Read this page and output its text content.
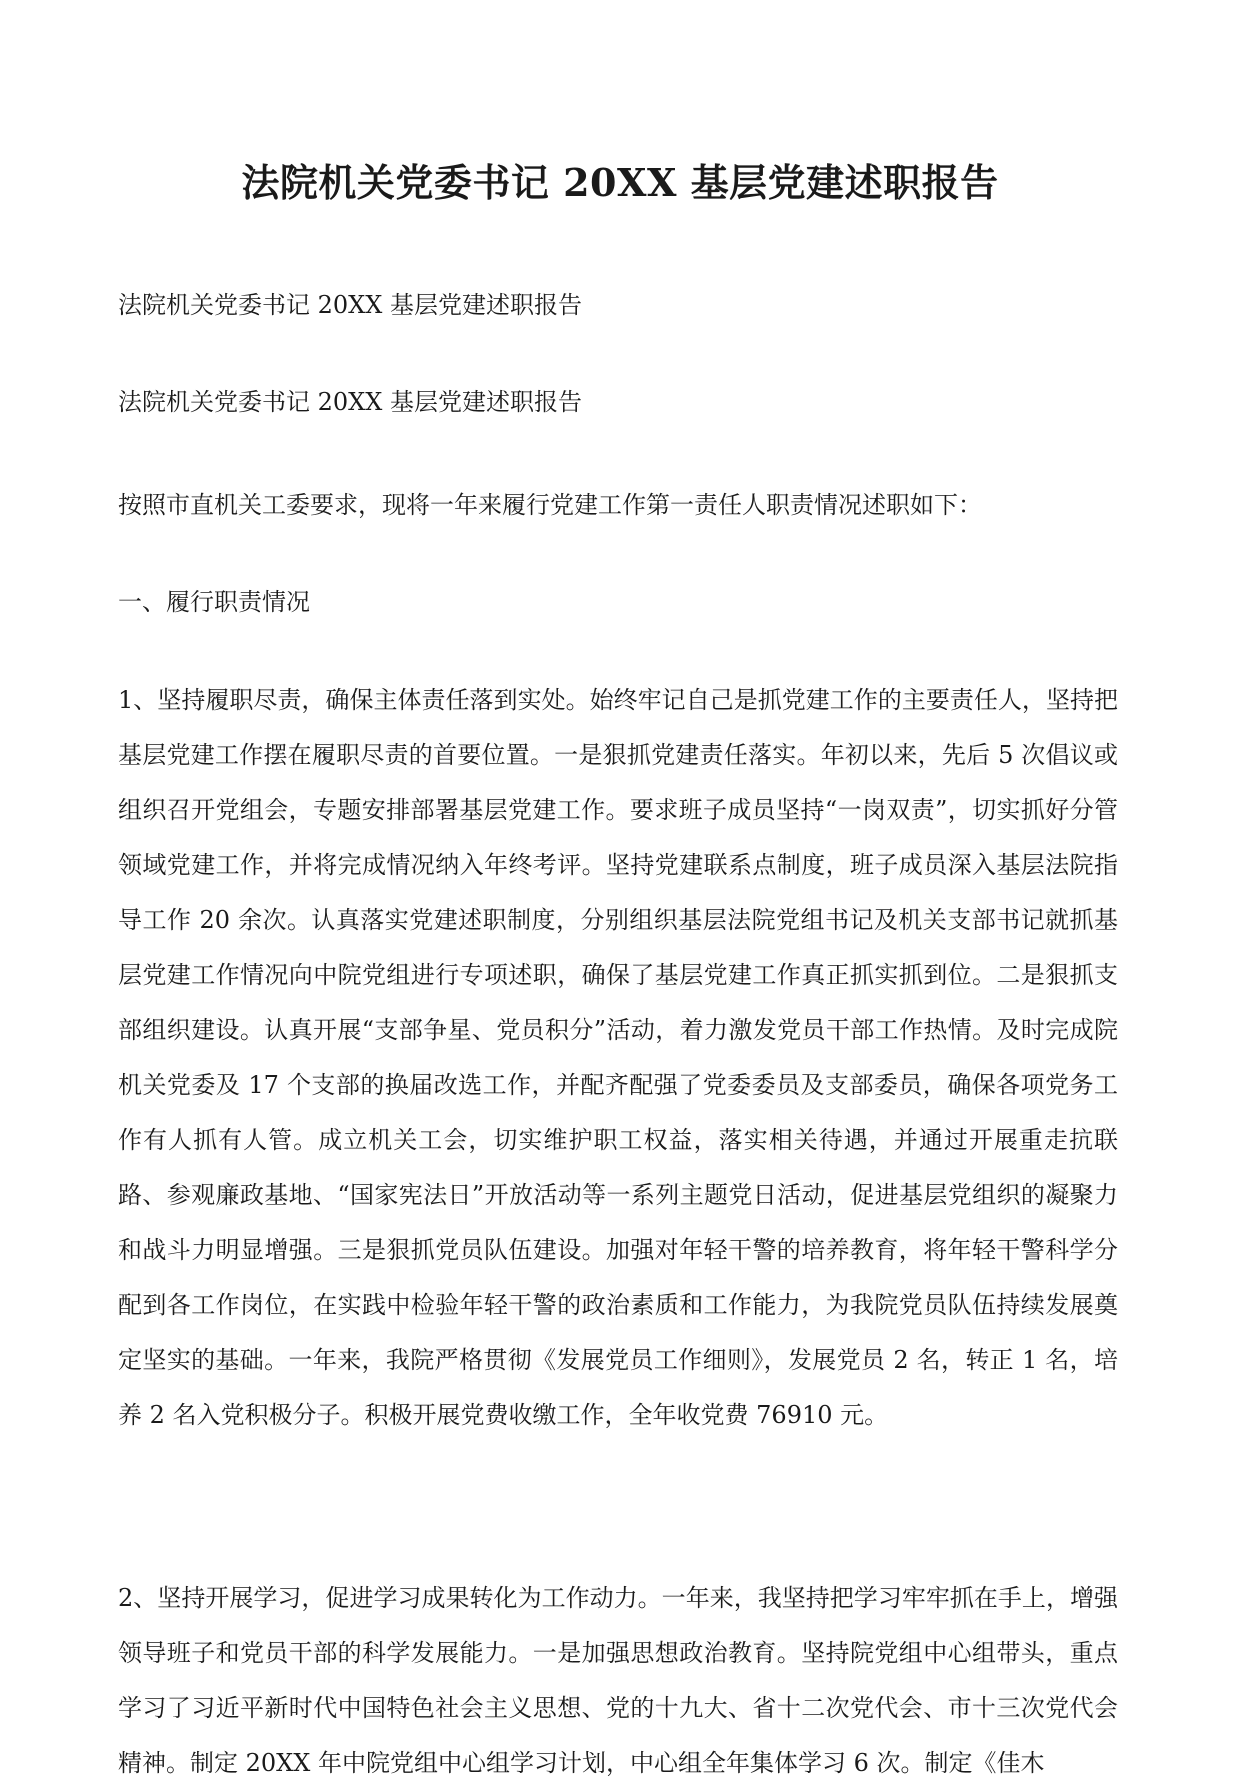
法院机关党委书记 20XX 基层党建述职报告

法院机关党委书记 20XX 基层党建述职报告

法院机关党委书记 20XX 基层党建述职报告

按照市直机关工委要求，现将一年来履行党建工作第一责任人职责情况述职如下：

一、履行职责情况

1、坚持履职尽责，确保主体责任落到实处。始终牢记自己是抓党建工作的主要责任人，坚持把基层党建工作摆在履职尽责的首要位置。一是狠抓党建责任落实。年初以来，先后 5 次倡议或组织召开党组会，专题安排部署基层党建工作。要求班子成员坚持“一岗双责”，切实抓好分管领域党建工作，并将完成情况纳入年终考评。坚持党建联系点制度，班子成员深入基层法院指导工作 20 余次。认真落实党建述职制度，分别组织基层法院党组书记及机关支部书记就抓基层党建工作情况向中院党组进行专项述职，确保了基层党建工作真正抓实抓到位。二是狠抓支部组织建设。认真开展“支部争星、党员积分”活动，着力激发党员干部工作热情。及时完成院机关党委及 17 个支部的换届改选工作，并配齐配强了党委委员及支部委员，确保各项党务工作有人抓有人管。成立机关工会，切实维护职工权益，落实相关待遇，并通过开展重走抗联路、参观廉政基地、“国家宪法日”开放活动等一系列主题党日活动，促进基层党组织的凝聚力和战斗力明显增强。三是狠抓党员队伍建设。加强对年轻干警的培养教育，将年轻干警科学分配到各工作岗位，在实践中检验年轻干警的政治素质和工作能力，为我院党员队伍持续发展奠定坚实的基础。一年来，我院严格贯彻《发展党员工作细则》，发展党员 2 名，转正 1 名，培养 2 名入党积极分子。积极开展党费收缴工作，全年收党费 76910 元。

2、坚持开展学习，促进学习成果转化为工作动力。一年来，我坚持把学习牢牢抓在手上，增强领导班子和党员干部的科学发展能力。一是加强思想政治教育。坚持院党组中心组带头，重点学习了习近平新时代中国特色社会主义思想、党的十九大、省十二次党代会、市十三次党代会精神。制定 20XX 年中院党组中心组学习计划，中心组全年集体学习 6 次。制定《佳木
